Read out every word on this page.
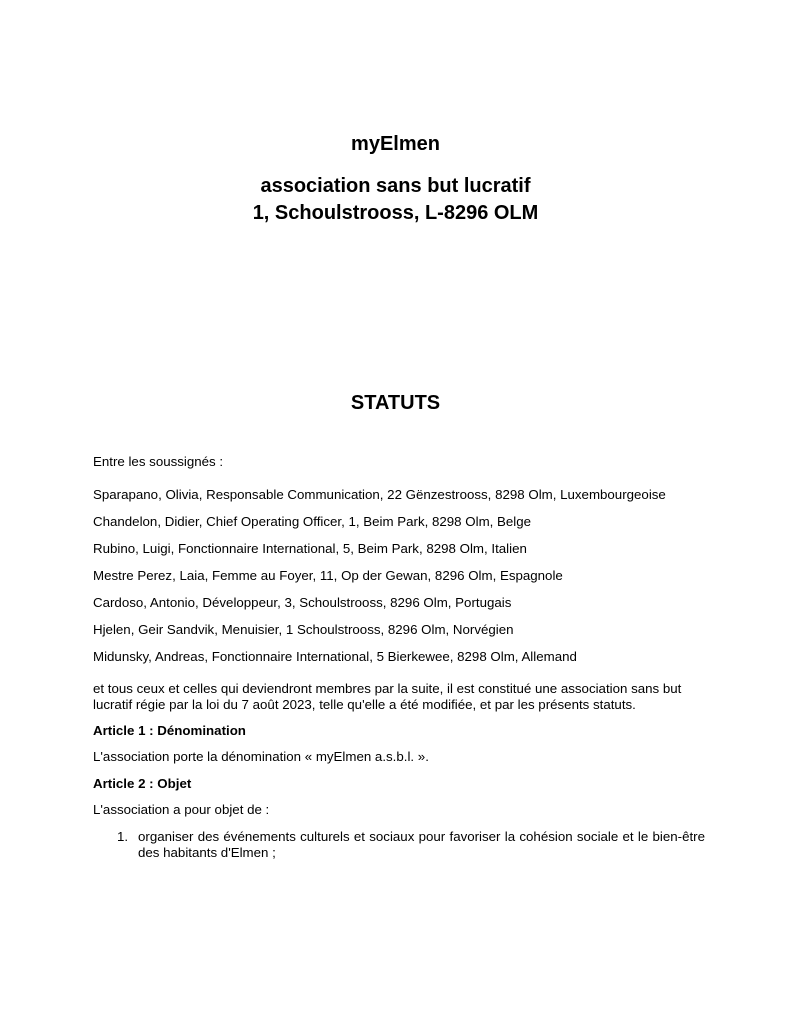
myElmen
association sans but lucratif
1, Schoulstrooss, L-8296 OLM
STATUTS

Entre les soussignés :

Sparapano, Olivia, Responsable Communication, 22 Gënzestrooss, 8298 Olm, Luxembourgeoise

Chandelon, Didier, Chief Operating Officer, 1, Beim Park, 8298 Olm, Belge

Rubino, Luigi, Fonctionnaire International, 5, Beim Park, 8298 Olm, Italien

Mestre Perez, Laia, Femme au Foyer, 11, Op der Gewan, 8296 Olm, Espagnole

Cardoso, Antonio, Développeur, 3, Schoulstrooss, 8296 Olm, Portugais

Hjelen, Geir Sandvik, Menuisier, 1 Schoulstrooss, 8296 Olm, Norvégien

Midunsky, Andreas, Fonctionnaire International, 5 Bierkewee, 8298 Olm, Allemand

et tous ceux et celles qui deviendront membres par la suite, il est constitué une association sans but lucratif régie par la loi du 7 août 2023, telle qu'elle a été modifiée, et par les présents statuts.

Article 1 : Dénomination

L'association porte la dénomination « myElmen a.s.b.l. ».

Article 2 : Objet

L'association a pour objet de :

1. organiser des événements culturels et sociaux pour favoriser la cohésion sociale et le bien-être des habitants d'Elmen ;
